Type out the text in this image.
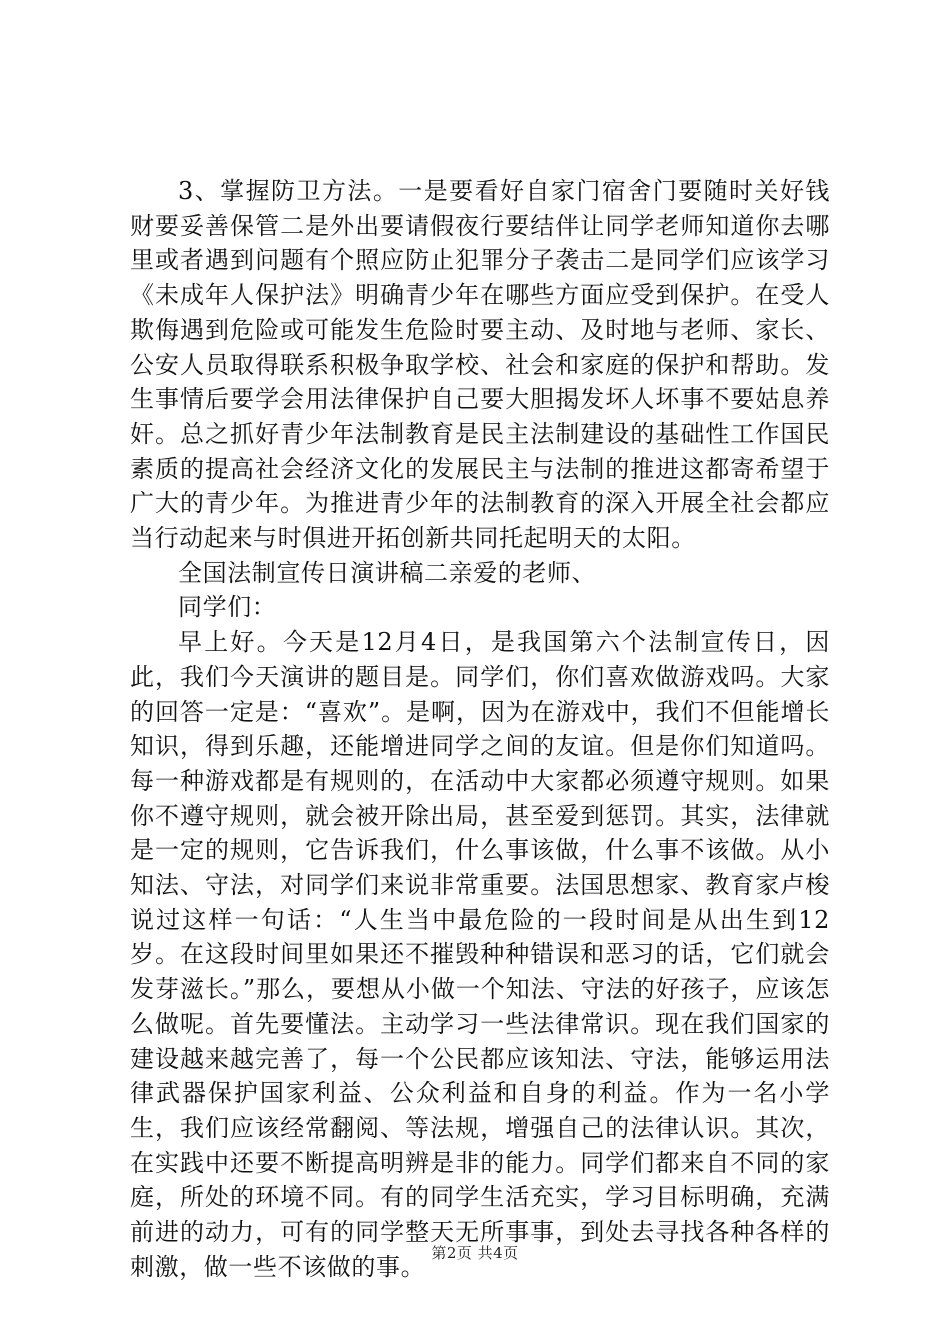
3、掌握防卫方法。一是要看好自家门宿舍门要随时关好钱财要妥善保管二是外出要请假夜行要结伴让同学老师知道你去哪里或者遇到问题有个照应防止犯罪分子袭击二是同学们应该学习《未成年人保护法》明确青少年在哪些方面应受到保护。在受人欺侮遇到危险或可能发生危险时要主动、及时地与老师、家长、公安人员取得联系积极争取学校、社会和家庭的保护和帮助。发生事情后要学会用法律保护自己要大胆揭发坏人坏事不要姑息养奸。总之抓好青少年法制教育是民主法制建设的基础性工作国民素质的提高社会经济文化的发展民主与法制的推进这都寄希望于广大的青少年。为推进青少年的法制教育的深入开展全社会都应当行动起来与时俱进开拓创新共同托起明天的太阳。

全国法制宣传日演讲稿二亲爱的老师、

同学们：

早上好。今天是12月4日，是我国第六个法制宣传日，因此，我们今天演讲的题目是。同学们，你们喜欢做游戏吗。大家的回答一定是：“喜欢”。是啊，因为在游戏中，我们不但能增长知识，得到乐趣，还能增进同学之间的友谊。但是你们知道吗。每一种游戏都是有规则的，在活动中大家都必须遵守规则。如果你不遵守规则，就会被开除出局，甚至爱到惩罚。其实，法律就是一定的规则，它告诉我们，什么事该做，什么事不该做。从小知法、守法，对同学们来说非常重要。法国思想家、教育家卢梭说过这样一句话：“人生当中最危险的一段时间是从出生到12岁。在这段时间里如果还不摧毁种种错误和恶习的话，它们就会发芽滋长。”那么，要想从小做一个知法、守法的好孩子，应该怎么做呢。首先要懂法。主动学习一些法律常识。现在我们国家的建设越来越完善了，每一个公民都应该知法、守法，能够运用法律武器保护国家利益、公众利益和自身的利益。作为一名小学生，我们应该经常翻阅、等法规，增强自己的法律认识。其次，在实践中还要不断提高明辨是非的能力。同学们都来自不同的家庭，所处的环境不同。有的同学生活充实，学习目标明确，充满前进的动力，可有的同学整天无所事事，到处去寻找各种各样的刺激，做一些不该做的事。 第2页 共4页
